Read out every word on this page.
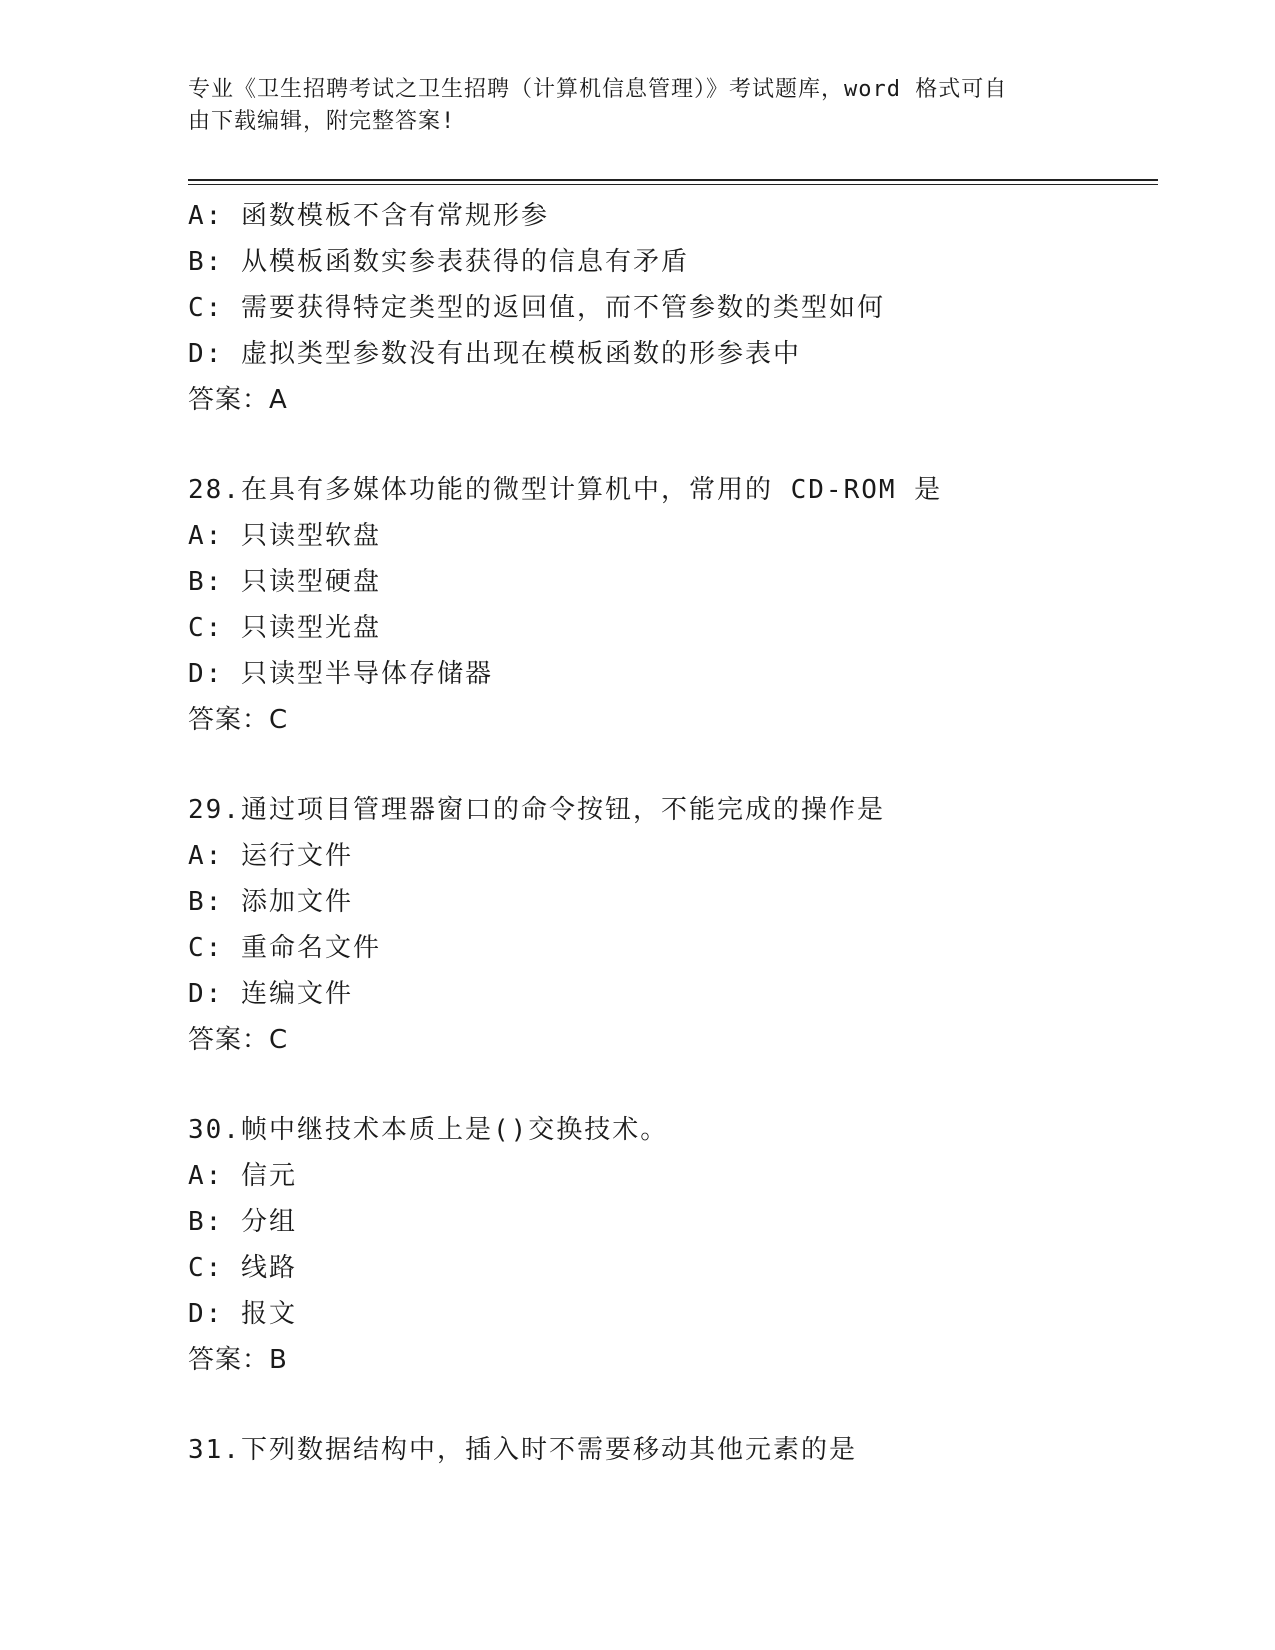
专业《卫生招聘考试之卫生招聘（计算机信息管理）》考试题库，word 格式可自
由下载编辑，附完整答案!
A: 函数模板不含有常规形参
B: 从模板函数实参表获得的信息有矛盾
C: 需要获得特定类型的返回值，而不管参数的类型如何
D: 虚拟类型参数没有出现在模板函数的形参表中
答案：A
28.在具有多媒体功能的微型计算机中，常用的 CD-ROM 是
A: 只读型软盘
B: 只读型硬盘
C: 只读型光盘
D: 只读型半导体存储器
答案：C
29.通过项目管理器窗口的命令按钮，不能完成的操作是
A: 运行文件
B: 添加文件
C: 重命名文件
D: 连编文件
答案：C
30.帧中继技术本质上是()交换技术。
A: 信元
B: 分组
C: 线路
D: 报文
答案：B
31.下列数据结构中，插入时不需要移动其他元素的是
